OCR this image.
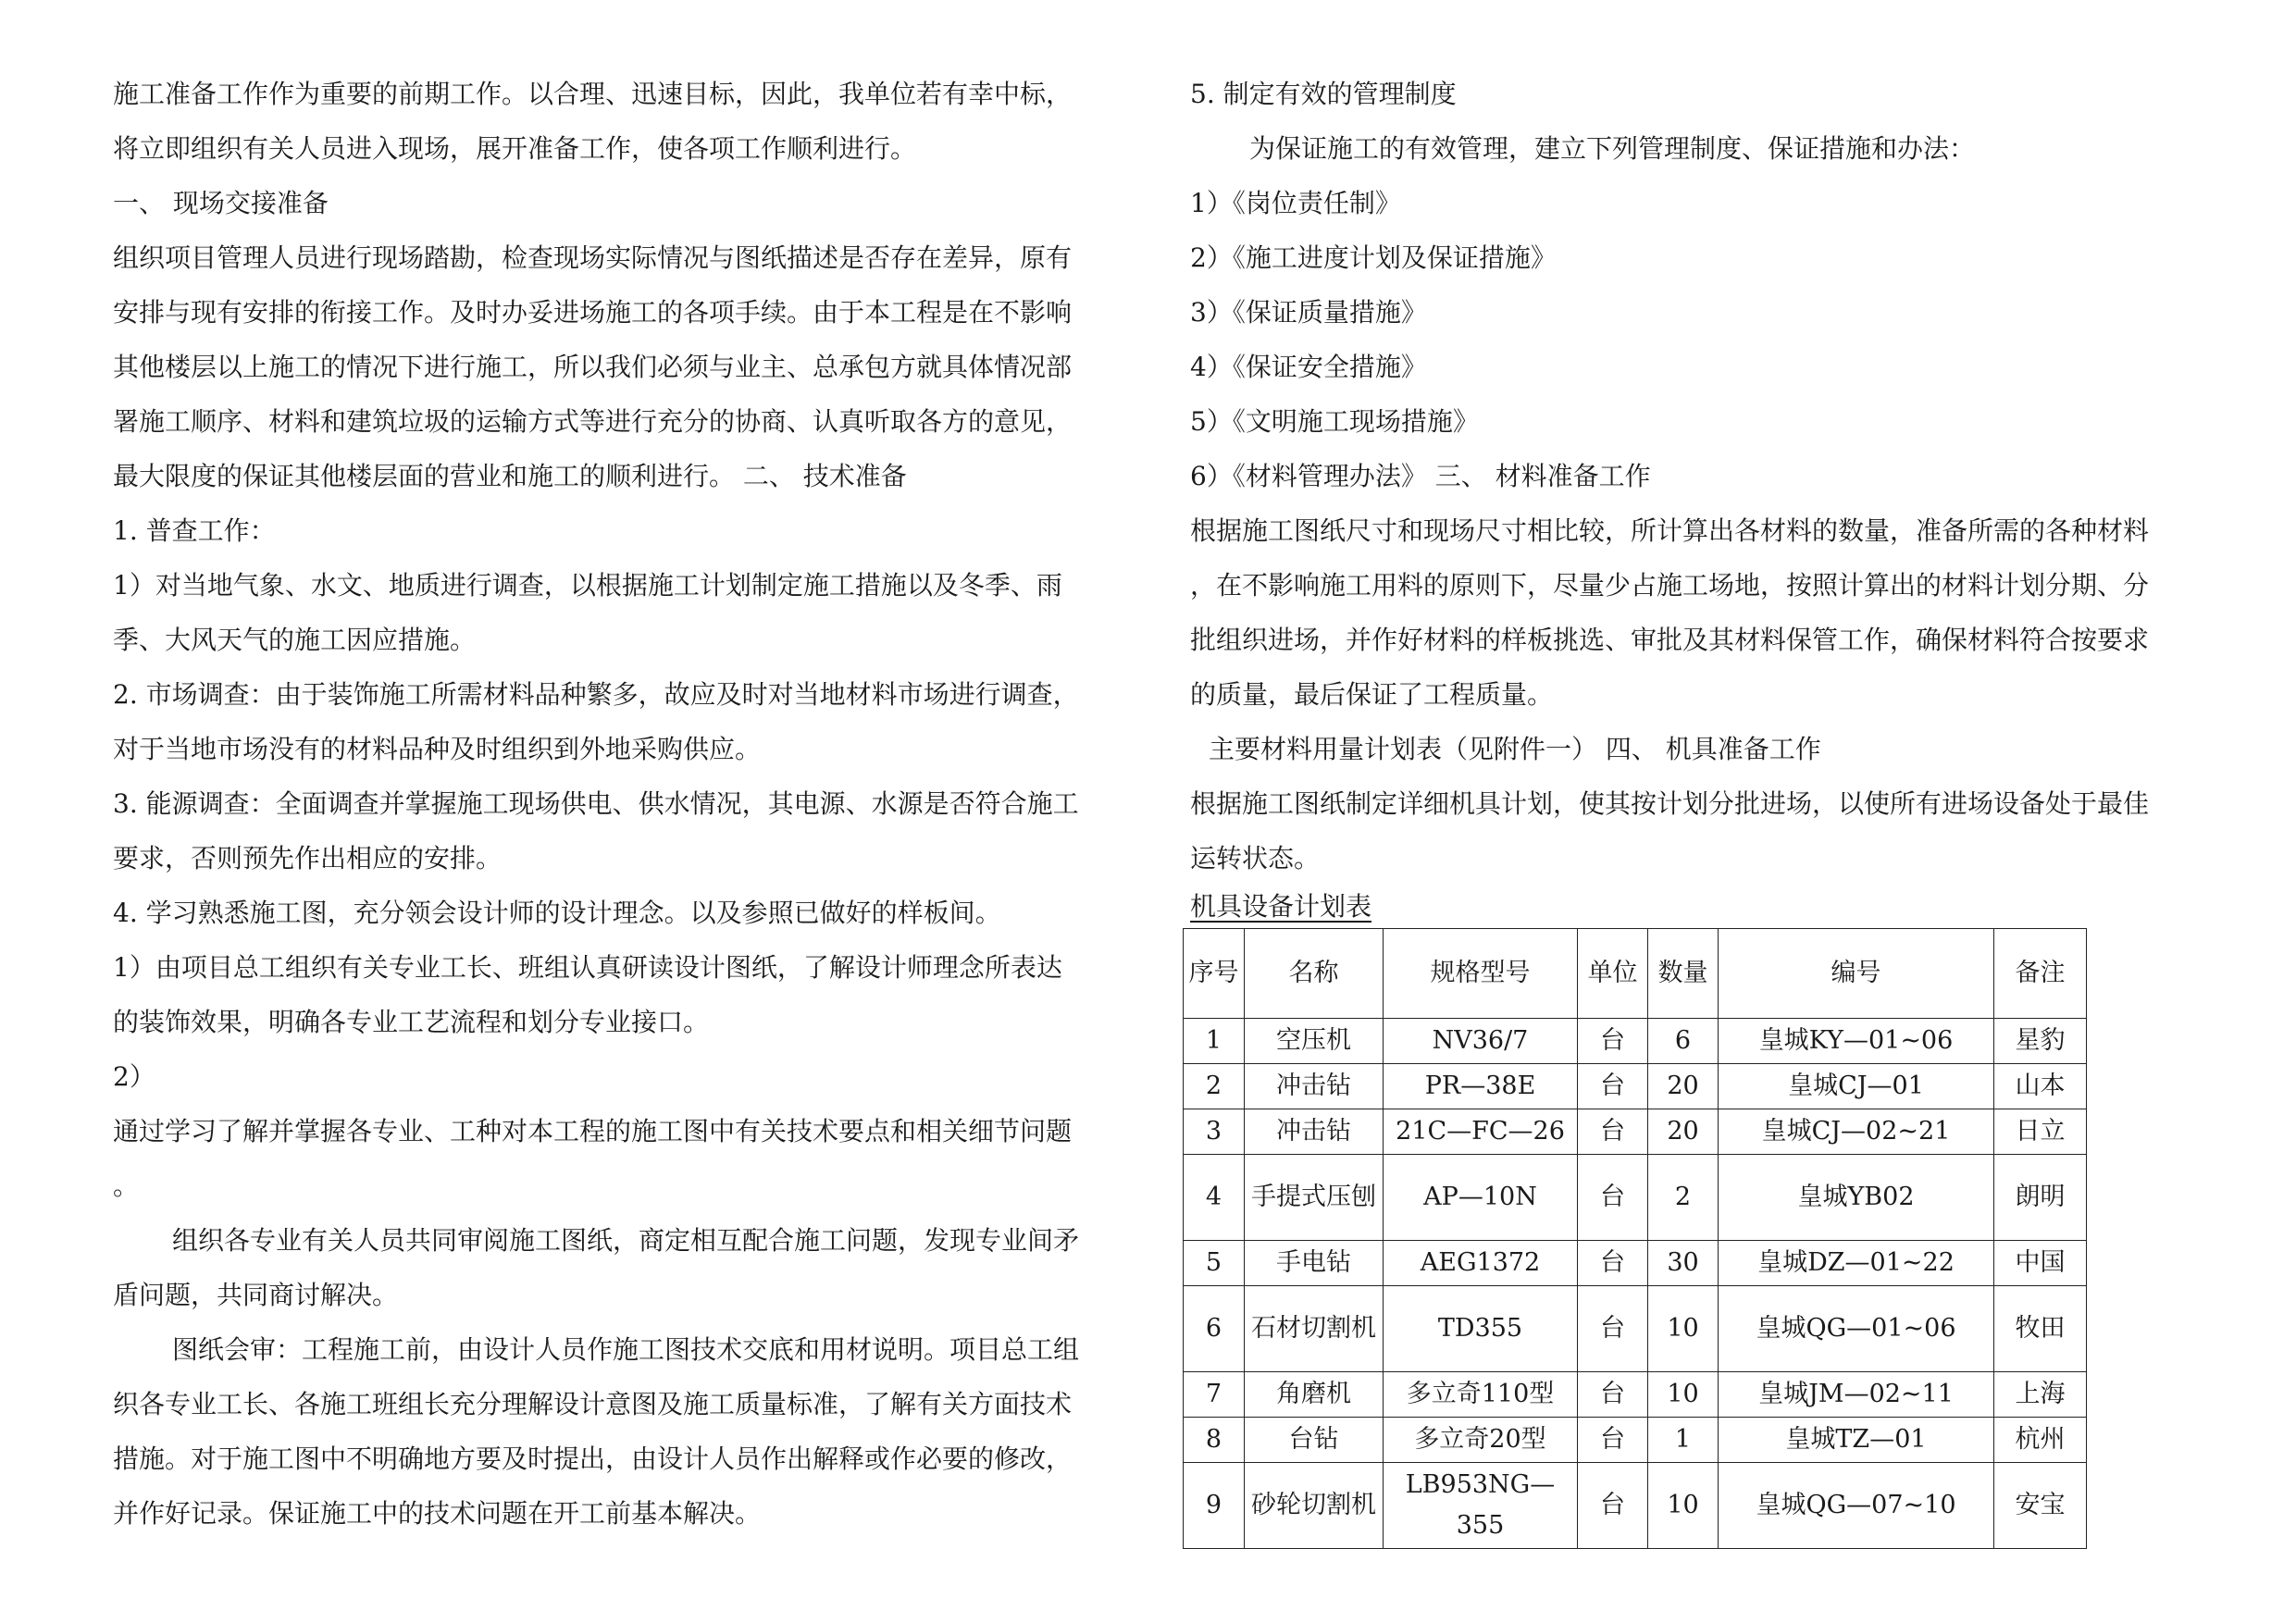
施工准备工作作为重要的前期工作。以合理、迅速目标，因此，我单位若有幸中标，
将立即组织有关人员进入现场，展开准备工作，使各项工作顺利进行。
一、 现场交接准备
组织项目管理人员进行现场踏勘，检查现场实际情况与图纸描述是否存在差异，原有
安排与现有安排的衔接工作。及时办妥进场施工的各项手续。由于本工程是在不影响
其他楼层以上施工的情况下进行施工，所以我们必须与业主、总承包方就具体情况部
署施工顺序、材料和建筑垃圾的运输方式等进行充分的协商、认真听取各方的意见，
最大限度的保证其他楼层面的营业和施工的顺利进行。 二、 技术准备
1. 普查工作：
1）对当地气象、水文、地质进行调查，以根据施工计划制定施工措施以及冬季、雨
季、大风天气的施工因应措施。
2. 市场调查：由于装饰施工所需材料品种繁多，故应及时对当地材料市场进行调查，
对于当地市场没有的材料品种及时组织到外地采购供应。
3. 能源调查：全面调查并掌握施工现场供电、供水情况，其电源、水源是否符合施工
要求，否则预先作出相应的安排。
4. 学习熟悉施工图，充分领会设计师的设计理念。以及参照已做好的样板间。
1）由项目总工组织有关专业工长、班组认真研读设计图纸，了解设计师理念所表达
的装饰效果，明确各专业工艺流程和划分专业接口。
2）
通过学习了解并掌握各专业、工种对本工程的施工图中有关技术要点和相关细节问题
。
组织各专业有关人员共同审阅施工图纸，商定相互配合施工问题，发现专业间矛
盾问题，共同商讨解决。
图纸会审：工程施工前，由设计人员作施工图技术交底和用材说明。项目总工组
织各专业工长、各施工班组长充分理解设计意图及施工质量标准，了解有关方面技术
措施。对于施工图中不明确地方要及时提出，由设计人员作出解释或作必要的修改，
并作好记录。保证施工中的技术问题在开工前基本解决。
5. 制定有效的管理制度
为保证施工的有效管理，建立下列管理制度、保证措施和办法：
1）《岗位责任制》
2）《施工进度计划及保证措施》
3）《保证质量措施》
4）《保证安全措施》
5）《文明施工现场措施》
6）《材料管理办法》 三、 材料准备工作
根据施工图纸尺寸和现场尺寸相比较，所计算出各材料的数量，准备所需的各种材料
，在不影响施工用料的原则下，尽量少占施工场地，按照计算出的材料计划分期、分
批组织进场，并作好材料的样板挑选、审批及其材料保管工作，确保材料符合按要求
的质量，最后保证了工程质量。
主要材料用量计划表（见附件一） 四、 机具准备工作
根据施工图纸制定详细机具计划，使其按计划分批进场，以使所有进场设备处于最佳
运转状态。
机具设备计划表
序号	名称	规格型号	单位	数量	编号	备注
1	空压机	NV36/7	台	6	皇城KY—01~06	星豹
2	冲击钻	PR—38E	台	20	皇城CJ—01	山本
3	冲击钻	21C—FC—26	台	20	皇城CJ—02~21	日立
4	手提式压刨	AP—10N	台	2	皇城YB02	朗明
5	手电钻	AEG1372	台	30	皇城DZ—01~22	中国
6	石材切割机	TD355	台	10	皇城QG—01~06	牧田
7	角磨机	多立奇110型	台	10	皇城JM—02~11	上海
8	台钻	多立奇20型	台	1	皇城TZ—01	杭州
9	砂轮切割机	LB953NG—355	台	10	皇城QG—07~10	安宝
